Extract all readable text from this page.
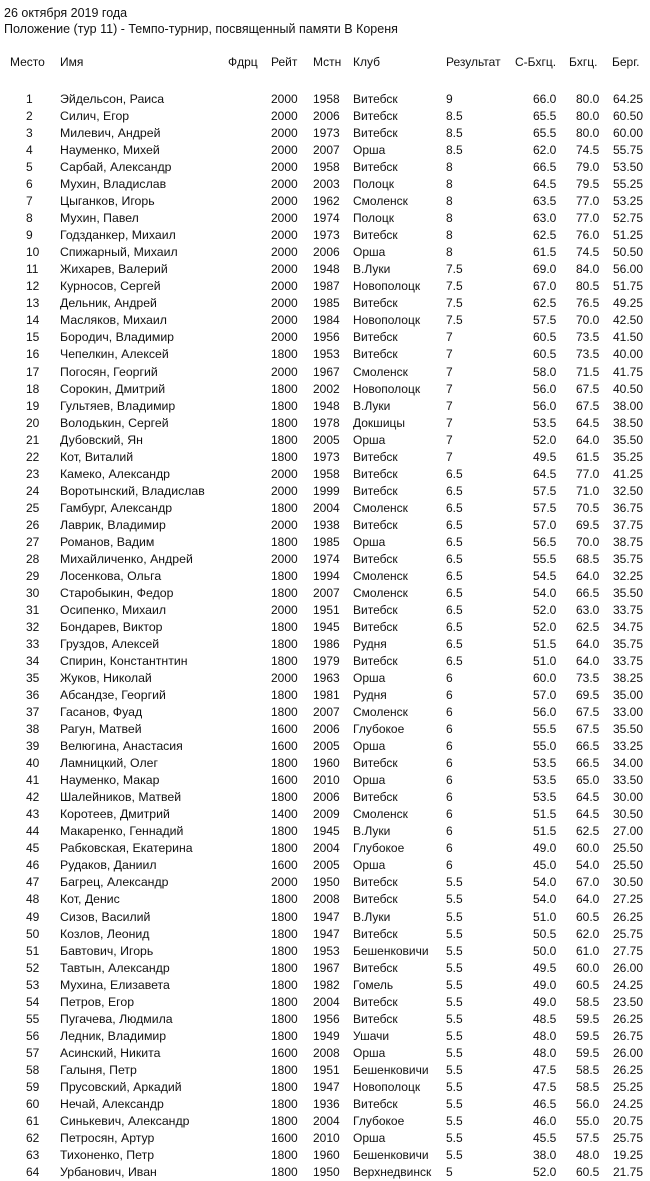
26 октября 2019 года
Положение (тур 11) - Темпо-турнир, посвященный памяти В Кореня
Место Имя	Фдрц Рейт Мстн Клуб	Результат С-Бхгц. Бхгц. Берг.
1 Эйдельсон, Раиса	2000 1958 Витебск	9	66.0 80.0 64.25
2 Силич, Егор	2000 2006 Витебск	8.5	65.5 80.0 60.50
3 Милевич, Андрей	2000 1973 Витебск	8.5	65.5 80.0 60.00
4 Науменко, Михей	2000 2007 Орша	8.5	62.0 74.5 55.75
5 Сарбай, Александр	2000 1958 Витебск	8	66.5 79.0 53.50
6 Мухин, Владислав	2000 2003 Полоцк	8	64.5 79.5 55.25
7 Цыганков, Игорь	2000 1962 Смоленск	8	63.5 77.0 53.25
8 Мухин, Павел	2000 1974 Полоцк	8	63.0 77.0 52.75
9 Годзданкер, Михаил	2000 1973 Витебск	8	62.5 76.0 51.25
10 Спижарный, Михаил	2000 2006 Орша	8	61.5 74.5 50.50
11 Жихарев, Валерий	2000 1948 В.Луки	7.5	69.0 84.0 56.00
12 Курносов, Сергей	2000 1987 Новополоцк 7.5	67.0 80.5 51.75
13 Дельник, Андрей	2000 1985 Витебск	7.5	62.5 76.5 49.25
14 Масляков, Михаил	2000 1984 Новополоцк 7.5	57.5 70.0 42.50
15 Бородич, Владимир	2000 1956 Витебск	7	60.5 73.5 41.50
16 Чепелкин, Алексей	1800 1953 Витебск	7	60.5 73.5 40.00
17 Погосян, Георгий	2000 1967 Смоленск	7	58.0 71.5 41.75
18 Сорокин, Дмитрий	1800 2002 Новополоцк 7	56.0 67.5 40.50
19 Гультяев, Владимир	1800 1948 В.Луки	7	56.0 67.5 38.00
20 Володькин, Сергей	1800 1978 Докшицы	7	53.5 64.5 38.50
21 Дубовский, Ян	1800 2005 Орша	7	52.0 64.0 35.50
22 Кот, Виталий	1800 1973 Витебск	7	49.5 61.5 35.25
23 Камеко, Александр	2000 1958 Витебск	6.5	64.5 77.0 41.25
24 Воротынский, Владислав	2000 1999 Витебск	6.5	57.5 71.0 32.50
25 Гамбург, Александр	1800 2004 Смоленск	6.5	57.5 70.5 36.75
26 Лаврик, Владимир	2000 1938 Витебск	6.5	57.0 69.5 37.75
27 Романов, Вадим	1800 1985 Орша	6.5	56.5 70.0 38.75
28 Михайличенко, Андрей	2000 1974 Витебск	6.5	55.5 68.5 35.75
29 Лосенкова, Ольга	1800 1994 Смоленск	6.5	54.5 64.0 32.25
30 Старобыкин, Федор	1800 2007 Смоленск	6.5	54.0 66.5 35.50
31 Осипенко, Михаил	2000 1951 Витебск	6.5	52.0 63.0 33.75
32 Бондарев, Виктор	1800 1945 Витебск	6.5	52.0 62.5 34.75
33 Груздов, Алексей	1800 1986 Рудня	6.5	51.5 64.0 35.75
34 Спирин, Константнтин	1800 1979 Витебск	6.5	51.0 64.0 33.75
35 Жуков, Николай	2000 1963 Орша	6	60.0 73.5 38.25
36 Абсандзе, Георгий	1800 1981 Рудня	6	57.0 69.5 35.00
37 Гасанов, Фуад	1800 2007 Смоленск	6	56.0 67.5 33.00
38 Рагун, Матвей	1600 2006 Глубокое	6	55.5 67.5 35.50
39 Велюгина, Анастасия	1600 2005 Орша	6	55.0 66.5 33.25
40 Ламницкий, Олег	1800 1960 Витебск	6	53.5 66.5 34.00
41 Науменко, Макар	1600 2010 Орша	6	53.5 65.0 33.50
42 Шалейников, Матвей	1800 2006 Витебск	6	53.5 64.5 30.00
43 Коротеев, Дмитрий	1400 2009 Смоленск	6	51.5 64.5 30.50
44 Макаренко, Геннадий	1800 1945 В.Луки	6	51.5 62.5 27.00
45 Рабковская, Екатерина	1800 2004 Глубокое	6	49.0 60.0 25.50
46 Рудаков, Даниил	1600 2005 Орша	6	45.0 54.0 25.50
47 Багрец, Александр	2000 1950 Витебск	5.5	54.0 67.0 30.50
48 Кот, Денис	1800 2008 Витебск	5.5	54.0 64.0 27.25
49 Сизов, Василий	1800 1947 В.Луки	5.5	51.0 60.5 26.25
50 Козлов, Леонид	1800 1947 Витебск	5.5	50.5 62.0 25.75
51 Бавтович, Игорь	1800 1953 Бешенковичи 5.5	50.0 61.0 27.75
52 Тавтын, Александр	1800 1967 Витебск	5.5	49.5 60.0 26.00
53 Мухина, Елизавета	1800 1982 Гомель	5.5	49.0 60.5 24.25
54 Петров, Егор	1800 2004 Витебск	5.5	49.0 58.5 23.50
55 Пугачева, Людмила	1800 1956 Витебск	5.5	48.5 59.5 26.25
56 Ледник, Владимир	1800 1949 Ушачи	5.5	48.0 59.5 26.75
57 Асинский, Никита	1600 2008 Орша	5.5	48.0 59.5 26.00
58 Галыня, Петр	1800 1951 Бешенковичи 5.5	47.5 58.5 26.25
59 Прусовский, Аркадий	1800 1947 Новополоцк 5.5	47.5 58.5 25.25
60 Нечай, Александр	1800 1936 Витебск	5.5	46.5 56.0 24.25
61 Синькевич, Александр	1800 2004 Глубокое	5.5	46.0 55.0 20.75
62 Петросян, Артур	1600 2010 Орша	5.5	45.5 57.5 25.75
63 Тихоненко, Петр	1800 1960 Бешенковичи 5.5	38.0 48.0 19.25
64 Урбанович, Иван	1800 1950 Верхнедвинск 5	52.0 60.5 21.75
